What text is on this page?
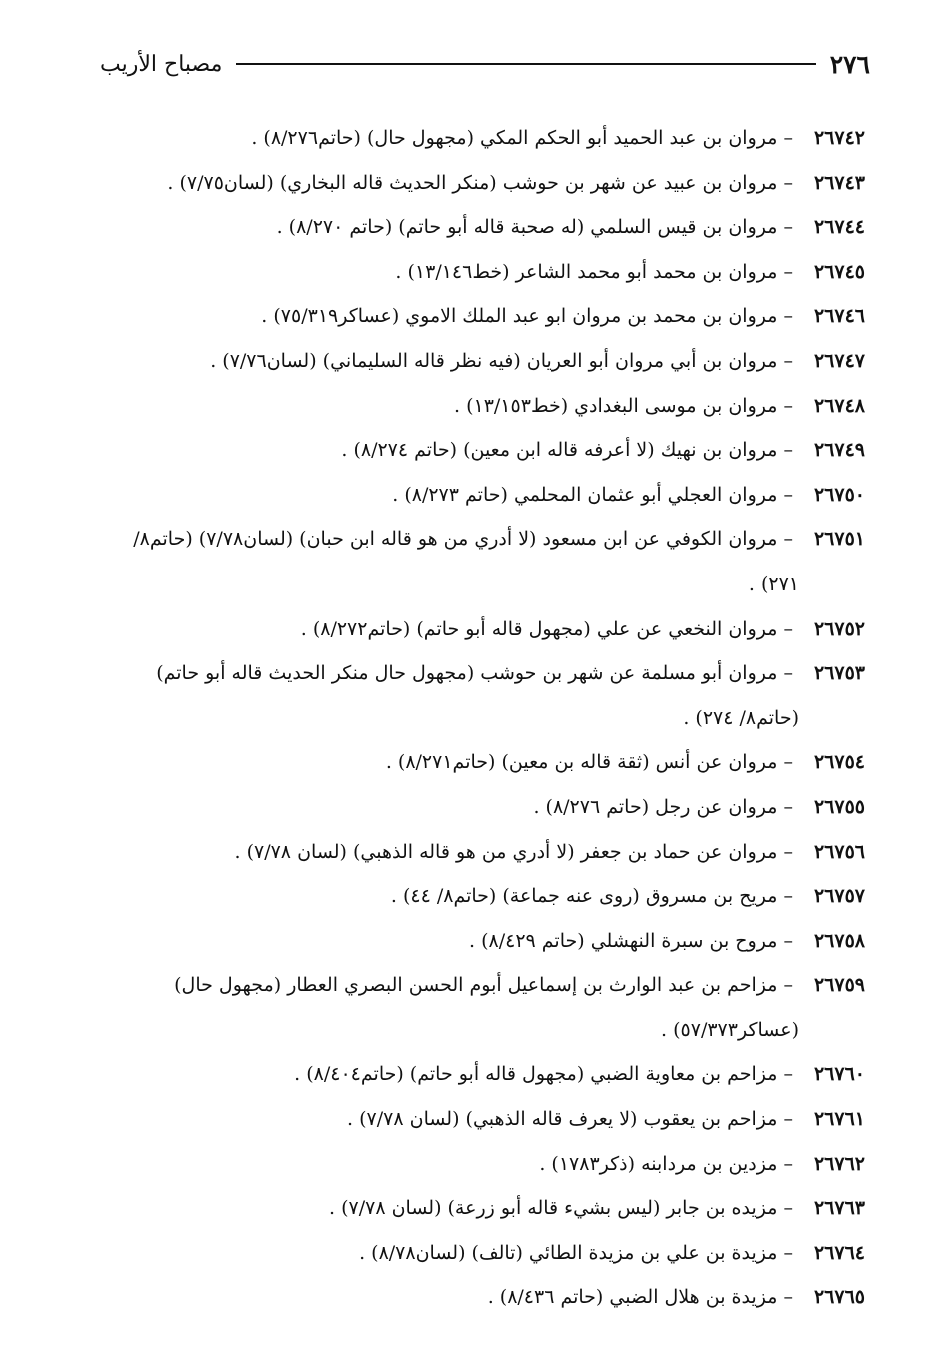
٢٧٦
مصباح الأريب
٢٦٧٤٢ – مروان بن عبد الحميد أبو الحكم المكي (مجهول حال) (حاتم٨/٢٧٦) .
٢٦٧٤٣ – مروان بن عبيد عن شهر بن حوشب (منكر الحديث قاله البخاري) (لسان٧/٧٥) .
٢٦٧٤٤ – مروان بن قيس السلمي (له صحبة قاله أبو حاتم) (حاتم ٨/٢٧٠) .
٢٦٧٤٥ – مروان بن محمد أبو محمد الشاعر (خط١٣/١٤٦) .
٢٦٧٤٦ – مروان بن محمد بن مروان ابو عبد الملك الاموي (عساكر٧٥/٣١٩) .
٢٦٧٤٧ – مروان بن أبي مروان أبو العريان (فيه نظر قاله السليماني) (لسان٧/٧٦) .
٢٦٧٤٨ – مروان بن موسى البغدادي (خط١٣/١٥٣) .
٢٦٧٤٩ – مروان بن نهيك (لا أعرفه قاله ابن معين) (حاتم ٨/٢٧٤) .
٢٦٧٥٠ – مروان العجلي أبو عثمان المحلمي (حاتم ٨/٢٧٣) .
٢٦٧٥١ – مروان الكوفي عن ابن مسعود (لا أدري من هو قاله ابن حبان) (لسان٧/٧٨) (حاتم٨/ ٢٧١) .
٢٦٧٥٢ – مروان النخعي عن علي (مجهول قاله أبو حاتم) (حاتم٨/٢٧٢) .
٢٦٧٥٣ – مروان أبو مسلمة عن شهر بن حوشب (مجهول حال منكر الحديث قاله أبو حاتم) (حاتم٨/ ٢٧٤) .
٢٦٧٥٤ – مروان عن أنس (ثقة قاله بن معين) (حاتم٨/٢٧١) .
٢٦٧٥٥ – مروان عن رجل (حاتم ٨/٢٧٦) .
٢٦٧٥٦ – مروان عن حماد بن جعفر (لا أدري من هو قاله الذهبي) (لسان ٧/٧٨) .
٢٦٧٥٧ – مريح بن مسروق (روى عنه جماعة) (حاتم٨/ ٤٤) .
٢٦٧٥٨ – مروح بن سبرة النهشلي (حاتم ٨/٤٢٩) .
٢٦٧٥٩ – مزاحم بن عبد الوارث بن إسماعيل أبوم الحسن البصري العطار (مجهول حال) (عساكر٥٧/٣٧٣) .
٢٦٧٦٠ – مزاحم بن معاوية الضبي (مجهول قاله أبو حاتم) (حاتم٨/٤٠٤) .
٢٦٧٦١ – مزاحم بن يعقوب (لا يعرف قاله الذهبي) (لسان ٧/٧٨) .
٢٦٧٦٢ – مزدين بن مردابنه (ذكر١٧٨٣) .
٢٦٧٦٣ – مزيده بن جابر (ليس بشيء قاله أبو زرعة) (لسان ٧/٧٨) .
٢٦٧٦٤ – مزيدة بن علي بن مزيدة الطائي (تالف) (لسان٨/٧٨) .
٢٦٧٦٥ – مزيدة بن هلال الضبي (حاتم ٨/٤٣٦) .
